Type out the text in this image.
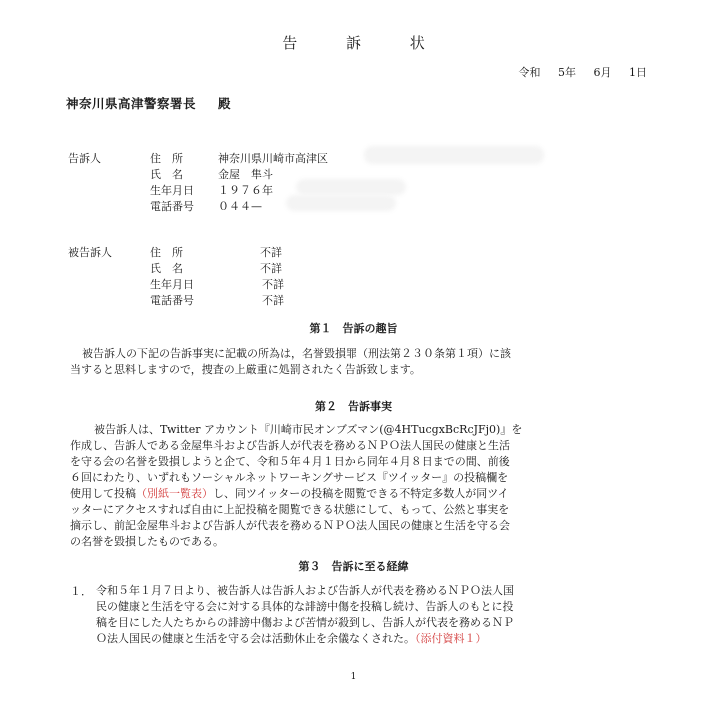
告 訴 状
令和 5年 6月 1日
神奈川県高津警察署長 殿
告訴人	住　所	神奈川県川崎市高津区
氏　名	金屋　隼斗
生年月日 １９７６年
電話番号 ０４４—
被告訴人	住　所	不詳
氏　名	不詳
生年月日	不詳
電話番号	不詳
第１　告訴の趣旨
被告訴人の下記の告訴事実に記載の所為は，名誉毀損罪（刑法第２３０条第１項）に該
当すると思料しますので，捜査の上厳重に処罰されたく告訴致します。
第２　告訴事実
被告訴人は、Twitter アカウント『川崎市民オンブズマン(@4HTucgxBcRcJFj0)』を
作成し、告訴人である金屋隼斗および告訴人が代表を務めるＮＰＯ法人国民の健康と生活
を守る会の名誉を毀損しようと企て、令和５年４月１日から同年４月８日までの間、前後
６回にわたり、いずれもソーシャルネットワーキングサービス『ツイッター』の投稿欄を
使用して投稿（別紙一覧表）し、同ツイッターの投稿を閲覧できる不特定多数人が同ツイ
ッターにアクセスすれば自由に上記投稿を閲覧できる状態にして、もって、公然と事実を
摘示し、前記金屋隼斗および告訴人が代表を務めるＮＰＯ法人国民の健康と生活を守る会
の名誉を毀損したものである。
第３　告訴に至る経緯
１． 令和５年１月７日より、被告訴人は告訴人および告訴人が代表を務めるＮＰＯ法人国
民の健康と生活を守る会に対する具体的な誹謗中傷を投稿し続け、告訴人のもとに投
稿を目にした人たちからの誹謗中傷および苦情が殺到し、告訴人が代表を務めるＮＰ
Ｏ法人国民の健康と生活を守る会は活動休止を余儀なくされた。（添付資料１）
1
